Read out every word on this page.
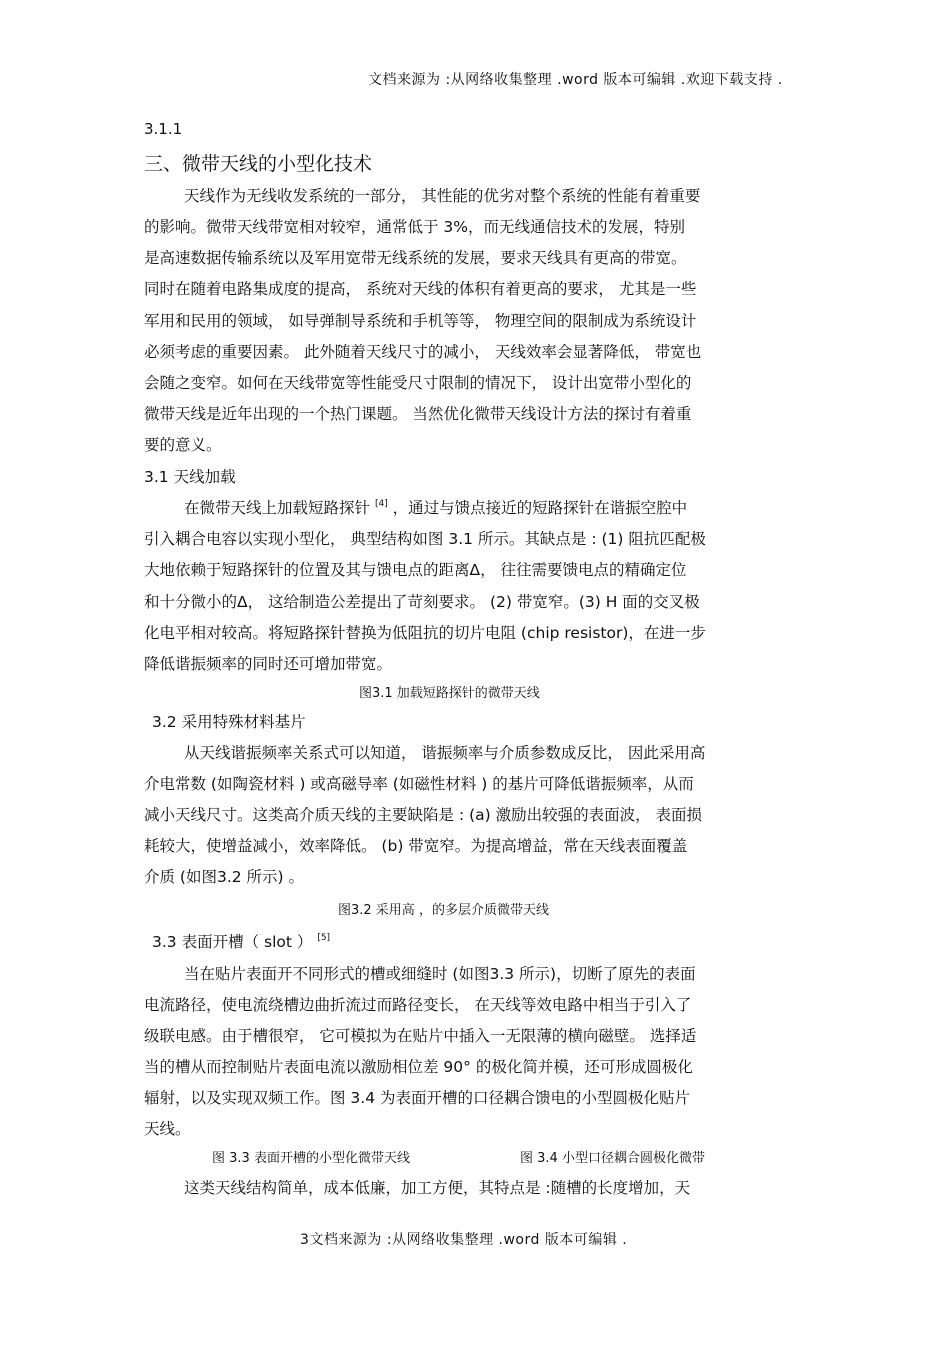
文档来源为 :从网络收集整理 .word 版本可编辑 .欢迎下载支持 .
3.1.1
三、微带天线的小型化技术
天线作为无线收发系统的一部分， 其性能的优劣对整个系统的性能有着重要
的影响。微带天线带宽相对较窄，通常低于 3%，而无线通信技术的发展，特别
是高速数据传输系统以及军用宽带无线系统的发展，要求天线具有更高的带宽。
同时在随着电路集成度的提高， 系统对天线的体积有着更高的要求， 尤其是一些
军用和民用的领域， 如导弹制导系统和手机等等， 物理空间的限制成为系统设计
必须考虑的重要因素。 此外随着天线尺寸的减小， 天线效率会显著降低， 带宽也
会随之变窄。如何在天线带宽等性能受尺寸限制的情况下， 设计出宽带小型化的
微带天线是近年出现的一个热门课题。 当然优化微带天线设计方法的探讨有着重
要的意义。
3.1 天线加载
在微带天线上加载短路探针 [4] ，通过与馈点接近的短路探针在谐振空腔中
引入耦合电容以实现小型化， 典型结构如图 3.1 所示。其缺点是 : (1) 阻抗匹配极
大地依赖于短路探针的位置及其与馈电点的距离Δ， 往往需要馈电点的精确定位
和十分微小的Δ， 这给制造公差提出了苛刻要求。 (2) 带宽窄。(3) H 面的交叉极
化电平相对较高。将短路探针替换为低阻抗的切片电阻 (chip resistor)，在进一步
降低谐振频率的同时还可增加带宽。
图3.1 加载短路探针的微带天线
3.2 采用特殊材料基片
从天线谐振频率关系式可以知道， 谐振频率与介质参数成反比， 因此采用高
介电常数 (如陶瓷材料 ) 或高磁导率 (如磁性材料 ) 的基片可降低谐振频率，从而
减小天线尺寸。这类高介质天线的主要缺陷是 : (a) 激励出较强的表面波， 表面损
耗较大，使增益减小，效率降低。 (b) 带宽窄。为提高增益，常在天线表面覆盖
介质 (如图3.2 所示) 。
图3.2 采用高 ，的多层介质微带天线
3.3 表面开槽（ slot ） [5]
当在贴片表面开不同形式的槽或细缝时 (如图3.3 所示)，切断了原先的表面
电流路径，使电流绕槽边曲折流过而路径变长， 在天线等效电路中相当于引入了
级联电感。由于槽很窄， 它可模拟为在贴片中插入一无限薄的横向磁壁。 选择适
当的槽从而控制贴片表面电流以激励相位差 90° 的极化简并模，还可形成圆极化
辐射，以及实现双频工作。图 3.4 为表面开槽的口径耦合馈电的小型圆极化贴片
天线。
图 3.3 表面开槽的小型化微带天线	图 3.4 小型口径耦合圆极化微带
这类天线结构简单，成本低廉，加工方便，其特点是 :随槽的长度增加，天
3文档来源为 :从网络收集整理 .word 版本可编辑 .
